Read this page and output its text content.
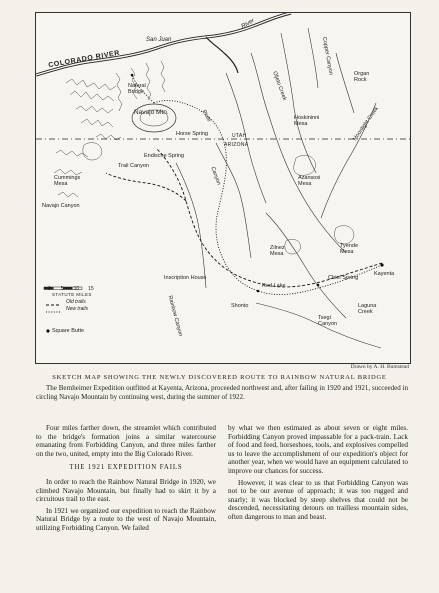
COLORADO RIVER
San Juan
River
Natural
Bridge
Navajo Mtn.
Horse Spring	UTAH
ARIZONA
Endische Spring
Piute
Canyon
Trail Canyon
Navajo Canyon
Copper Canyon
Oljeto Creek	Organ
Rock
Moonlight Creek
Hoskininni
Mesa
Azansosi
Mesa
Tyende
Mesa
Shonto
Kayenta
Laguna
Creek
Red Lake
Chief Spring
Zilnez
Mesa
Square Butte
Cummings
Mesa
Inscription House
Rainbow Canyon	Tsegi
Canyon
0 5 10 15
STATUTE MILES
Old trails
New trails
Drawn by A. H. Bumstead
SKETCH MAP SHOWING THE NEWLY DISCOVERED ROUTE TO RAINBOW NATURAL BRIDGE
The Bernheimer Expedition outfitted at Kayenta, Arizona, proceeded northwest and, after failing in 1920 and 1921, succeeded in circling Navajo Mountain by continuing west, during the summer of 1922.

Four miles farther down, the streamlet which contributed to the bridge's formation joins a similar watercourse emanating from Forbidding Canyon, and three miles farther on the two, united, empty into the Big Colorado River.

THE 1921 EXPEDITION FAILS

In order to reach the Rainbow Natural Bridge in 1920, we climbed Navajo Mountain, but finally had to skirt it by a circuitous trail to the east.

In 1921 we organized our expedition to reach the Rainbow Natural Bridge by a route to the west of Navajo Mountain, utilizing Forbidding Canyon. We failed

by what we then estimated as about seven or eight miles. Forbidding Canyon proved impassable for a pack-train. Lack of food and feed, horseshoes, tools, and explosives compelled us to leave the accomplishment of our expedition's object for another year, when we would have an equipment calculated to improve our chances for success.

However, it was clear to us that Forbidding Canyon was not to be our avenue of approach; it was too rugged and snarly; it was blocked by steep shelves that could not be descended, necessitating detours on trailless mountain sides, often dangerous to man and beast.
